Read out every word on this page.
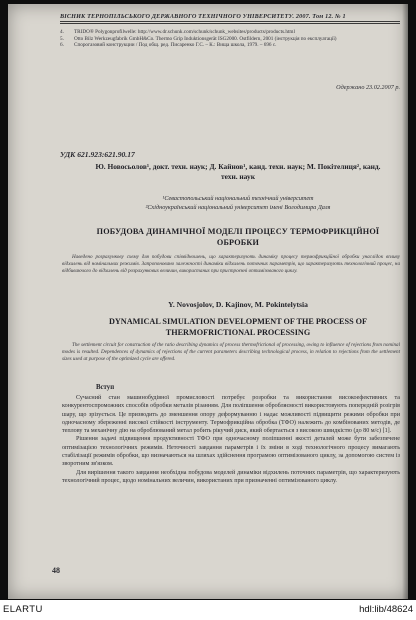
ВІСНИК ТЕРНОПІЛЬСЬКОГО ДЕРЖАВНОГО ТЕХНІЧНОГО УНІВЕРСИТЕТУ. 2007. Том 12. № 1
4.	TRIDO® Polygonprofilwelle: http://www.dr.schunk.com/schunk/schunk_websites/products/products.html
5.	Otto Bilz Werkzeugfabrik GmbH&Co. Thermo Grip Induktionsgerät ISG2000. Ostfildern, 2001 (інструкція по експлуатації)
6.	Спорогазовий конструкции / Под общ. ред. Писаренко Г.С. – К.: Вища школа, 1979. – 696 с.
Одержано 23.02.2007 р.
УДК 621.923:621.90.17
Ю. Новосьолов¹, докт. техн. наук; Д. Кайнов¹, канд. техн. наук; М. Покітелиця², канд. техн. наук
¹Севастопольський національний технічний університет
²Східноукраїнський національний університет імені Володимира Даля
ПОБУДОВА ДИНАМІЧНОЇ МОДЕЛІ ПРОЦЕСУ ТЕРМОФРИКЦІЙНОЇ ОБРОБКИ
Наведено розрахункову схему для побудови співвідношень, що характеризують динаміку процесу термофрикційної обробки унаслідок впливу відхилень від номінальних режимів. Запропоновано залежності динаміки відхилень поточних параметрів, що характеризують технологічний процес, на відбиваючого до відхилень від розрахункових величин, використаних при пристроєнні оптимізованого циклу.
Y. Novosjolov, D. Kajinov, M. Pokintelytsia
DYNAMICAL SIMULATION DEVELOPMENT OF THE PROCESS OF THERMOFRICTIONAL PROCESSING
The settlement circuit for construction of the ratio describing dynamics of process thermofrictional of processing, owing to influence of rejections from nominal modes is resulted. Dependences of dynamics of rejections of the current parameters describing technological process, in relation to rejections from the settlement sizes used at purpose of the optimized cycle are offered.
Вступ

Сучасний стан машинобудівної промисловості потребує розробки та використання високоефективних та конкурентоспроможних способів обробки металів різанням. Для поліпшення обробляємості використовують попередній розігрів шару, що зрізується. Це призводить до зменшення опору деформуванню і надає можливості підвищити режими обробки при одночасному збереженні високої стійкості інструменту. Термофрикційна обробка (ТФО) належить до комбінованих методів, де теплову та механічну дію на оброблюваний метал робить рікучий диск, який обертається з високою швидкістю (до 80 м/с) [1].

Рішення задачі підвищення продуктивності ТФО при одночасному поліпшенні якості деталей може бути забезпечене оптимізацією технологічних режимів. Неточності завдання параметрів і їх зміни в ході технологічного процесу вимагають стабілізації режимів обробки, що визначаються на шляхах здійснення програмою оптимізованого циклу, за допомогою систем із зворотним зв'язком.

Для вирішення такого завдання необхідна побудова моделей динаміки відхилень поточних параметрів, що характеризують технологічний процес, щодо номінальних величин, використаних при призначенні оптимізованого циклу.

48
ELARTU	hdl:lib/48624
